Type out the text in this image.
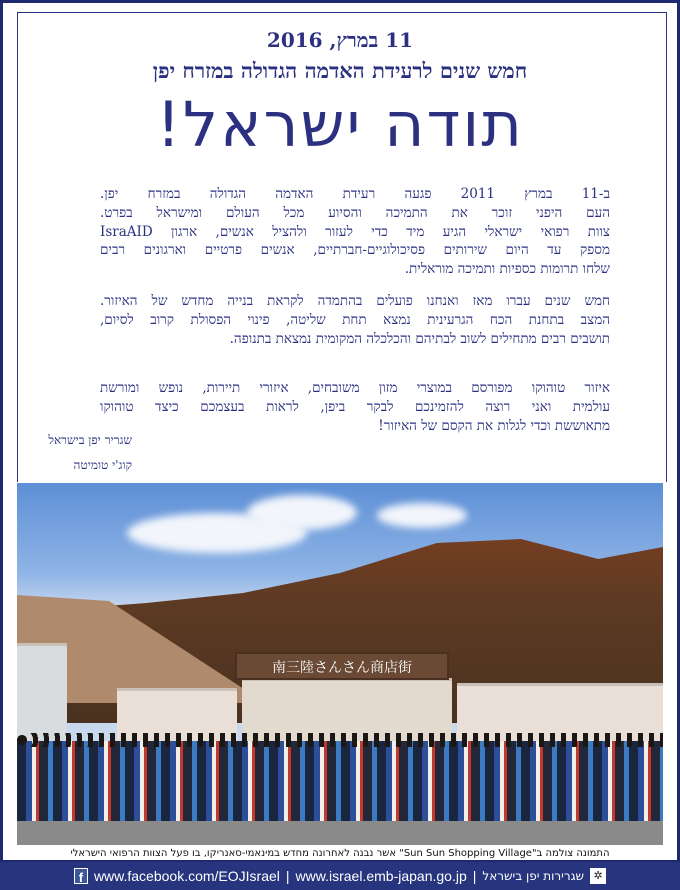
11 במרץ, 2016
חמש שנים לרעידת האדמה הגדולה במזרח יפן
תודה ישראל!
ב-11 במרץ 2011 פגעה רעידת האדמה הגדולה במזרח יפן.
העם היפני זוכר את התמיכה והסיוע מכל העולם ומישראל בפרט.
צוות רפואי ישראלי הגיע מיד כדי לעזור ולהציל אנשים, ארגון IsraAID
מספק עד היום שירותים פסיכולוגיים-חברתיים, אנשים פרטיים וארגונים רבים
שלחו תרומות כספיות ותמיכה מוראלית.
חמש שנים עברו מאז ואנחנו פועלים בהתמדה לקראת בנייה מחדש של האיזור.
המצב בתחנת הכח הגרעינית נמצא תחת שליטה, פינוי הפסולת קרוב לסיום,
תושבים רבים מתחילים לשוב לבתיהם והכלכלה המקומית נמצאת בתנופה.
איזור טוהוקו מפורסם במוצרי מזון משובחים, איזורי תיירות, נופש ומורשת
עולמית ואני רוצה להזמינכם לבקר ביפן, לראות בעצמכם כיצד טוהוקו
מתאוששת וכדי לגלות את הקסם של האיזור!
שגריר יפן בישראל
קוג'י טומיטה
南三陸さんさん商店街
התמונה צולמה ב"Sun Sun Shopping Village" אשר נבנה לאחרונה מחדש במינאמי-סאנריקו, בו פעל הצוות הרפואי הישראלי
f www.facebook.com/EOJIsrael | www.israel.emb-japan.go.jp | שגרירות יפן בישראל ✲
